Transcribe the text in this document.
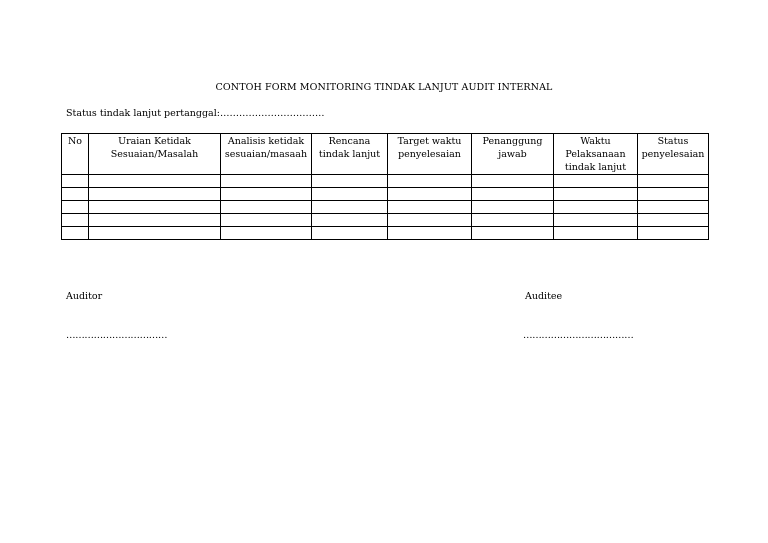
CONTOH FORM MONITORING TINDAK LANJUT AUDIT INTERNAL
Status tindak lanjut pertanggal:……………………………
No	Uraian Ketidak Sesuaian/Masalah	Analisis ketidak sesuaian/masaah	Rencana tindak lanjut	Target waktu penyelesaian	Penanggung jawab	Waktu Pelaksanaan tindak lanjut	Status penyelesaian

Auditor	Auditee
……………………………	………………………………
